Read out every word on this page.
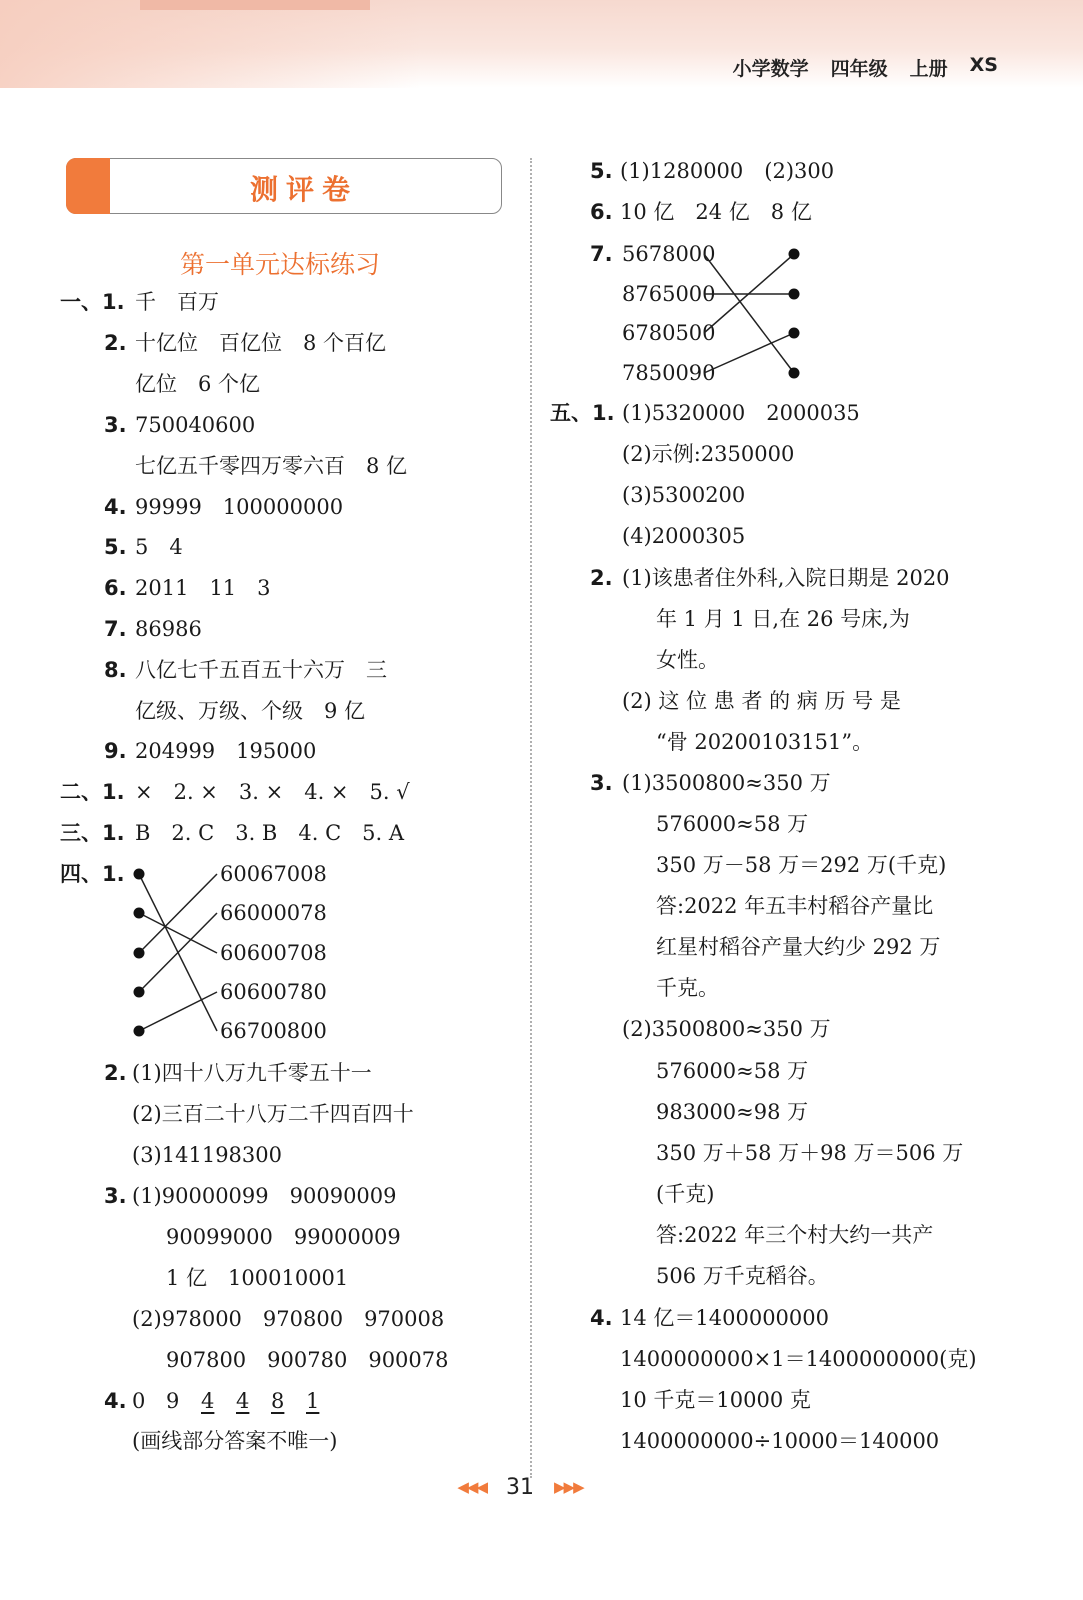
小学数学 四年级 上册 XS
测评卷
第一单元达标练习
一、1. 千　百万
2. 十亿位　百亿位　8 个百亿
亿位　6 个亿
3. 750040600
七亿五千零四万零六百　8 亿
4. 99999　100000000
5. 5　4
6. 2011　11　3
7. 86986
8. 八亿七千五百五十六万　三
亿级、万级、个级　9 亿
9. 204999　195000
二、1. ×　2. ×　3. ×　4. ×　5. √
三、1. B　2. C　3. B　4. C　5. A
四、1.	60067008
66000078
60600708
60600780
66700800
2. (1)四十八万九千零五十一
(2)三百二十八万二千四百四十
(3)141198300
3. (1)90000099　90090009
90099000　99000009
1 亿　100010001
(2)978000　970800　970008
907800　900780　900078
4. 0 9 4 4 8 1
(画线部分答案不唯一)
5. (1)1280000　(2)300
6. 10 亿　24 亿　8 亿
7. 5678000
8765000
6780500
7850090
五、1. (1)5320000　2000035
(2)示例:2350000
(3)5300200
(4)2000305
2. (1)该患者住外科,入院日期是 2020
年 1 月 1 日,在 26 号床,为
女性。
(2) 这 位 患 者 的 病 历 号 是
“骨 20200103151”。
3. (1)3500800≈350 万
576000≈58 万
350 万－58 万＝292 万(千克)
答:2022 年五丰村稻谷产量比
红星村稻谷产量大约少 292 万
千克。
(2)3500800≈350 万
576000≈58 万
983000≈98 万
350 万＋58 万＋98 万＝506 万
(千克)
答:2022 年三个村大约一共产
506 万千克稻谷。
4. 14 亿＝1400000000
1400000000×1＝1400000000(克)
10 千克＝10000 克
1400000000÷10000＝140000
◀◀◀ 31 ▶▶▶
